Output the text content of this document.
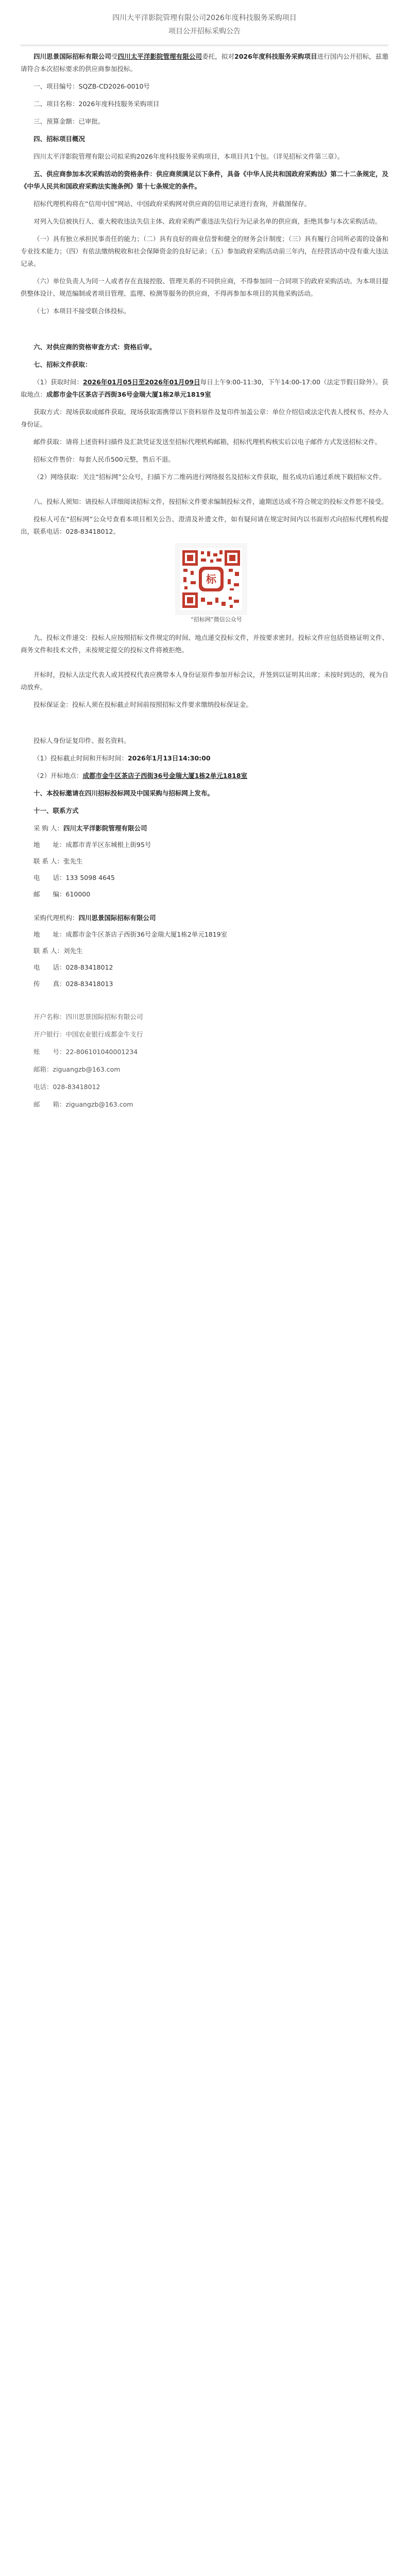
四川大平洋影院管理有限公司2026年度科技服务采购项目
项目公开招标采购公告

四川思景国际招标有限公司受四川太平洋影院管理有限公司委托，拟对2026年度科技服务采购项目进行国内公开招标，兹邀请符合本次招标要求的供应商参加投标。

一、项目编号：SQZB-CD2026-0010号

二、项目名称：2026年度科技服务采购项目

三、预算金额：已审批。

四、招标项目概况

四川太平洋影院管理有限公司拟采购2026年度科技服务采购项目，本项目共1个包。（详见招标文件第三章）。

五、供应商参加本次采购活动的资格条件：供应商须满足以下条件，具备《中华人民共和国政府采购法》第二十二条规定，及《中华人民共和国政府采购法实施条例》第十七条规定的条件。

招标代理机构将在“信用中国”网站、中国政府采购网对供应商的信用记录进行查询，并截图保存。

对列入失信被执行人、重大税收违法失信主体、政府采购严重违法失信行为记录名单的供应商，拒绝其参与本次采购活动。

（一）具有独立承担民事责任的能力；（二）具有良好的商业信誉和健全的财务会计制度；（三）具有履行合同所必需的设备和专业技术能力；（四）有依法缴纳税收和社会保障资金的良好记录；（五）参加政府采购活动前三年内，在经营活动中没有重大违法记录。

（六）单位负责人为同一人或者存在直接控股、管理关系的不同供应商，不得参加同一合同项下的政府采购活动。为本项目提供整体设计、规范编制或者项目管理、监理、检测等服务的供应商，不得再参加本项目的其他采购活动。

（七）本项目不接受联合体投标。

六、对供应商的资格审查方式：资格后审。

七、招标文件获取：

（1）获取时间：2026年01月05日至2026年01月09日每日上午9:00-11:30，下午14:00-17:00（法定节假日除外）。获取地点：成都市金牛区茶店子西街36号金瑞大厦1栋2单元1819室

获取方式：现场获取或邮件获取。现场获取需携带以下资料原件及复印件加盖公章：单位介绍信或法定代表人授权书、经办人身份证。

邮件获取：请将上述资料扫描件及汇款凭证发送至招标代理机构邮箱，招标代理机构核实后以电子邮件方式发送招标文件。

招标文件售价：每套人民币500元整，售后不退。

（2）网络获取：关注“招标网”公众号，扫描下方二维码进行网络报名及招标文件获取，报名成功后通过系统下载招标文件。

八、投标人须知：请投标人详细阅读招标文件，按招标文件要求编制投标文件，逾期送达或不符合规定的投标文件恕不接受。

投标人可在“招标网”公众号查看本项目相关公告、澄清及补遗文件，如有疑问请在规定时间内以书面形式向招标代理机构提出，联系电话：028-83418012。

标
“招标网”微信公众号

九、投标文件递交：投标人应按照招标文件规定的时间、地点递交投标文件，并按要求密封。投标文件应包括资格证明文件、商务文件和技术文件，未按规定提交的投标文件将被拒绝。

开标时，投标人法定代表人或其授权代表应携带本人身份证原件参加开标会议，并签到以证明其出席；未按时到达的，视为自动放弃。

投标保证金：投标人须在投标截止时间前按照招标文件要求缴纳投标保证金。

投标人身份证复印件、报名资料。

（1）投标截止时间和开标时间：2026年1月13日14:30:00

（2）开标地点：成都市金牛区茶店子西街36号金瑞大厦1栋2单元1818室

十、本投标邀请在四川招标投标网及中国采购与招标网上发布。

十一、联系方式

采 购 人：四川太平洋影院管理有限公司
地　　址：成都市青羊区东城根上街95号
联 系 人：张先生
电　　话：133 5098 4645
邮　　编：610000
采购代理机构：四川思景国际招标有限公司
地　　址：成都市金牛区茶店子西街36号金瑞大厦1栋2单元1819室
联 系 人：刘先生
电　　话：028-83418012
传　　真：028-83418013

开户名称：四川思景国际招标有限公司

开户银行：中国农业银行成都金牛支行

账　　号：22-806101040001234

邮箱：ziguangzb@163.com

电话：028-83418012

邮　　箱：ziguangzb@163.com
